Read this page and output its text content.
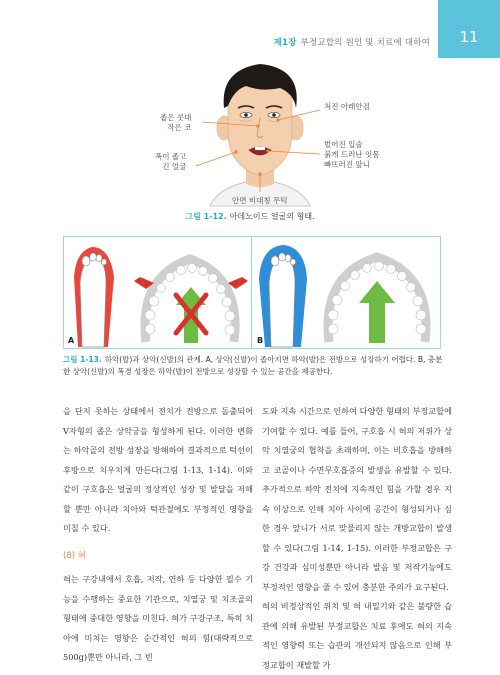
제1장 부정교합의 원인 및 치료에 대하여	11
좁은 콧대
작은 코
폭이 좁고
긴 얼굴
처진 아래안검
벌어진 입술
붉게 드러난 잇몸
빠뜨러진 앞니
안면 비대칭 무턱
그림 1-12. 아데노이드 얼굴의 형태.
A	B
그림 1-13. 하악(발)과 상악(신발)의 관계. A, 상악(신발)이 좁아지면 하악(발)은 전방으로 성장하기 어렵다. B, 충분한 상악(신발)의 폭경 성장은 하악(발)이 전방으로 성장할 수 있는 공간을 제공한다.

을 단지 못하는 상태에서 전치가 전방으로 돌출되어 V자형의 좁은 상악궁을 형성하게 된다. 이러한 변화는 하악골의 전방 성장을 방해하여 결과적으로 턱선이 후방으로 치우치게 만든다(그림 1-13, 1-14). 이와 같이 구호흡은 얼굴의 정상적인 성장 및 발달을 저해할 뿐만 아니라 치아와 턱관절에도 부정적인 영향을 미칠 수 있다.

(8) 혀

혀는 구강내에서 호흡, 저작, 연하 등 다양한 필수 기능을 수행하는 중요한 기관으로, 치열궁 및 치조골의 형태에 중대한 영향을 미친다. 혀가 구강구조, 특히 치아에 미치는 영향은 순간적인 혀의 힘(대략적으로 500g)뿐만 아니라, 그 빈

도와 지속 시간으로 인하여 다양한 형태의 부정교합에 기여할 수 있다. 예를 들어, 구호흡 시 혀의 저위가 상악 치열궁의 협착을 초래하며, 이는 비호흡을 방해하고 코골이나 수면무호흡증의 발생을 유발할 수 있다. 추가적으로 하악 전치에 지속적인 힘을 가할 경우 지속 이상으로 인해 치아 사이에 공간이 형성되거나 심한 경우 앞니가 서로 맞물리지 않는 개방교합이 발생할 수 있다(그림 1-14, 1-15). 이러한 부정교합은 구강 건강과 심미성뿐만 아니라 발음 및 저작기능에도 부정적인 영향을 줄 수 있어 충분한 주의가 요구된다.

혀의 비정상적인 위치 및 혀 내밀기와 같은 불량한 습관에 의해 유발된 부정교합은 치료 후에도 혀의 지속적인 영향력 또는 습관의 개선되지 않음으로 인해 부정교합이 재발할 가
